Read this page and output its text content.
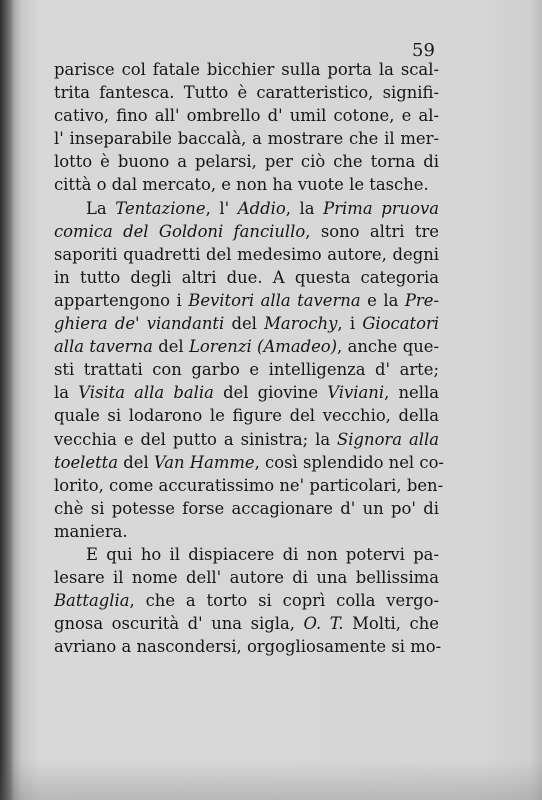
59
parisce col fatale bicchier sulla porta la scal-
trita fantesca. Tutto è caratteristico, signifi-
cativo, fino all' ombrello d' umil cotone, e al-
l' inseparabile baccalà, a mostrare che il mer-
lotto è buono a pelarsi, per ciò che torna di
città o dal mercato, e non ha vuote le tasche.
La Tentazione, l' Addio, la Prima pruova
comica del Goldoni fanciullo, sono altri tre
saporiti quadretti del medesimo autore, degni
in tutto degli altri due. A questa categoria
appartengono i Bevitori alla taverna e la Pre-
ghiera de' viandanti del Marochy, i Giocatori
alla taverna del Lorenzi (Amadeo), anche que-
sti trattati con garbo e intelligenza d' arte;
la Visita alla balia del giovine Viviani, nella
quale si lodarono le figure del vecchio, della
vecchia e del putto a sinistra; la Signora alla
toeletta del Van Hamme, così splendido nel co-
lorito, come accuratissimo ne' particolari, ben-
chè si potesse forse accagionare d' un po' di
maniera.
E qui ho il dispiacere di non potervi pa-
lesare il nome dell' autore di una bellissima
Battaglia, che a torto si coprì colla vergo-
gnosa oscurità d' una sigla, O. T. Molti, che
avriano a nascondersi, orgogliosamente si mo-
